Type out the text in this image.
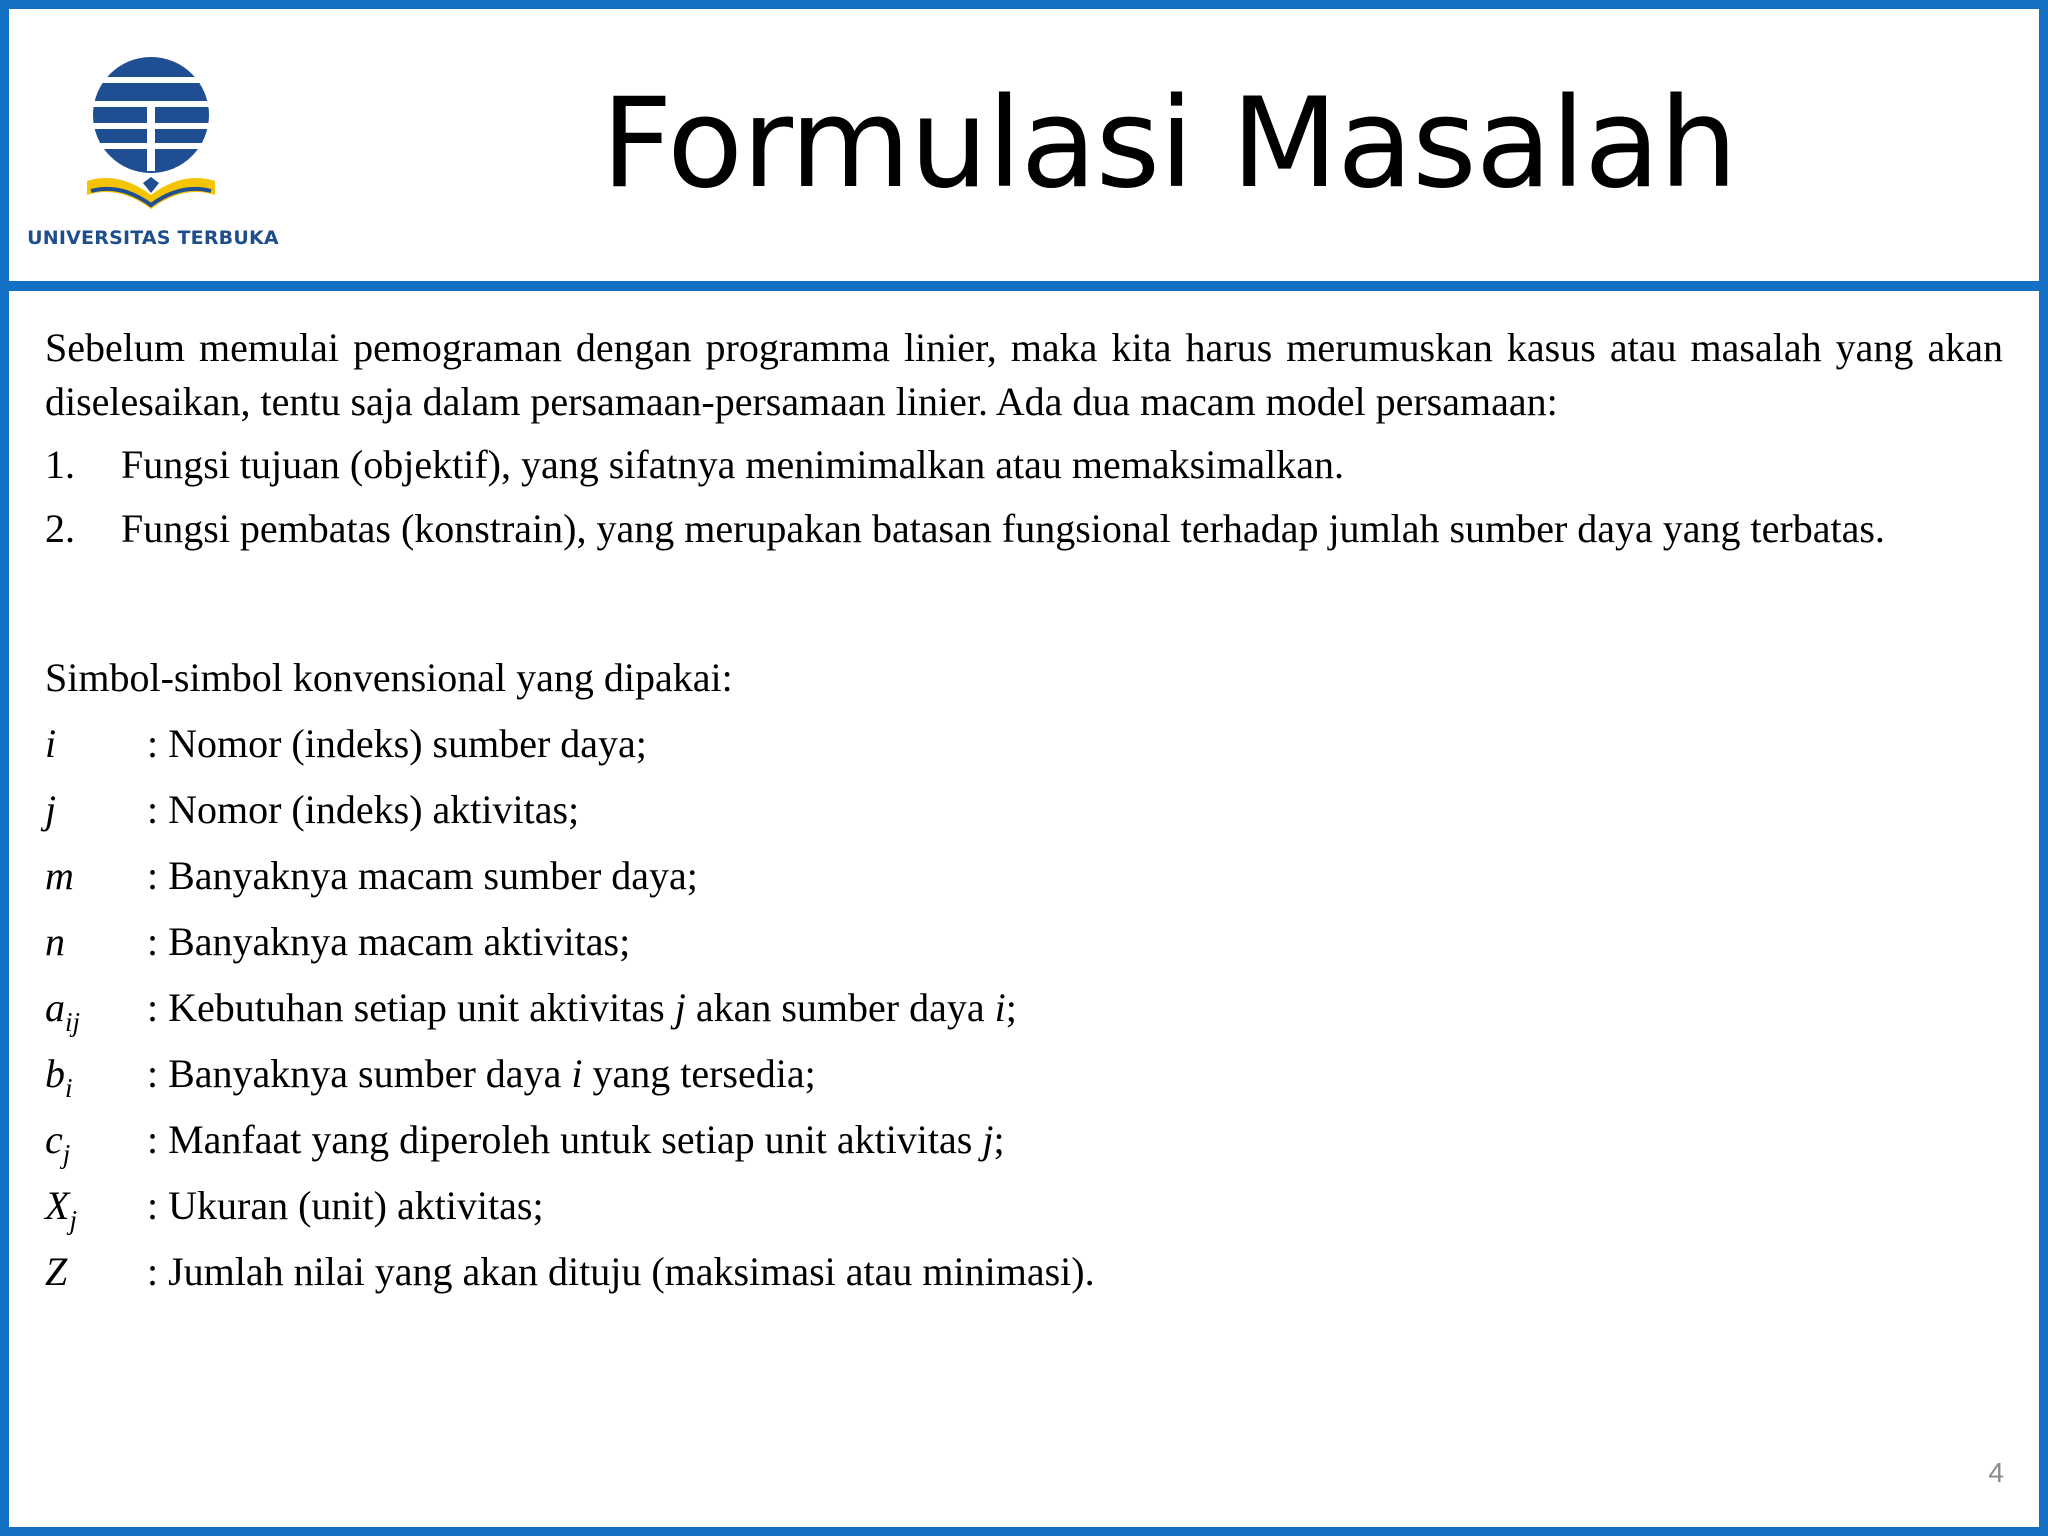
UNIVERSITAS TERBUKA
Formulasi Masalah

Sebelum memulai pemograman dengan programma linier, maka kita harus merumuskan kasus atau masalah yang akan diselesaikan, tentu saja dalam persamaan-persamaan linier. Ada dua macam model persamaan:

1. Fungsi tujuan (objektif), yang sifatnya menimimalkan atau memaksimalkan.
2. Fungsi pembatas (konstrain), yang merupakan batasan fungsional terhadap jumlah sumber daya yang terbatas.
Simbol-simbol konvensional yang dipakai:
i	: Nomor (indeks) sumber daya;
j	: Nomor (indeks) aktivitas;
m	: Banyaknya macam sumber daya;
n	: Banyaknya macam aktivitas;
$a_{ij}$	: Kebutuhan setiap unit aktivitas j akan sumber daya i;
$b_i$	: Banyaknya sumber daya i yang tersedia;
$c_j$	: Manfaat yang diperoleh untuk setiap unit aktivitas j;
$X_j$	: Ukuran (unit) aktivitas;
Z	: Jumlah nilai yang akan dituju (maksimasi atau minimasi).
4
